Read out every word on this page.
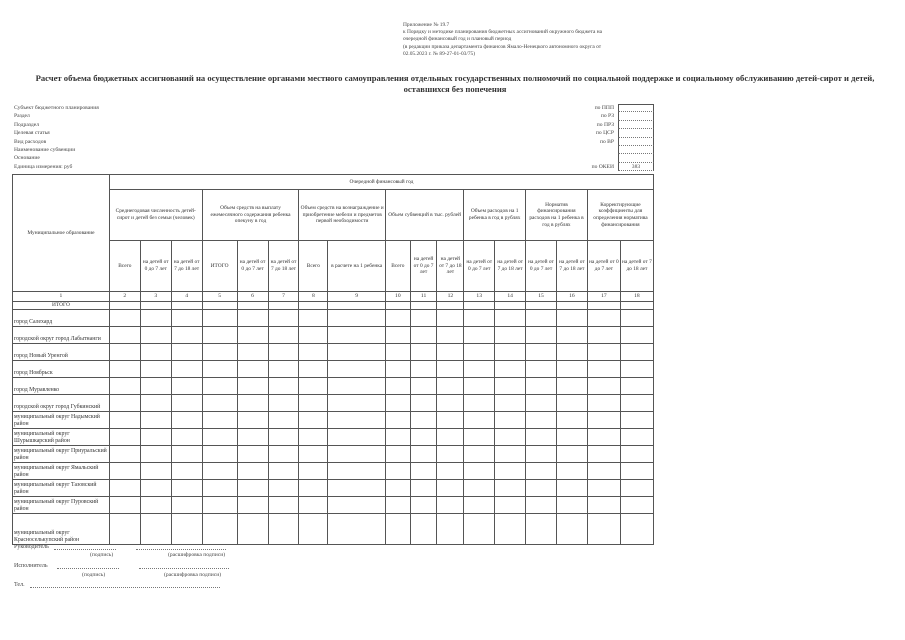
Приложение № 19.7
к Порядку и методике планирования бюджетных ассигнований окружного бюджета на
очередной финансовый год и плановый период
(в редакции приказа департамента финансов Ямало-Ненецкого автономного округа от
02.05.2023 г. № 89-27-01-03/75)
Расчет объема бюджетных ассигнований на осуществление органами местного самоуправления отдельных государственных полномочий по социальной поддержке и социальному обслуживанию детей-сирот и детей, оставшихся без попечения
Субъект бюджетного планирования	по ППП
Раздел	по РЗ
Подраздел	по ПРЗ
Целевая статья	по ЦСР
Вид расходов	по ВР
Наименование субвенции
Основание
Единица измерения: руб	по ОКЕИ	383
Муниципальное образование	Очередной финансовый год																
	Среднегодовая численность детей-сирот и детей без семьи (человек)			Объем средств на выплату ежемесячного содержания ребенка опекуну в год			Объем средств на вознаграждение и приобретение мебели и предметов первой необходимости		Объем субвенций в тыс. рублей			Объем расходов на 1 ребенка в год в рублях		Норматив финансирования расходов на 1 ребенка в год в рублях		Корректирующие коэффициенты для определения норматива финансирования	
	Всего	на детей от 0 до 7 лет	на детей от 7 до 18 лет	ИТОГО	на детей от 0 до 7 лет	на детей от 7 до 18 лет	Всего	в расчете на 1 ребенка	Всего	на детей от 0 до 7 лет	на детей от 7 до 18 лет	на детей от 0 до 7 лет	на детей от 7 до 18 лет	на детей от 0 до 7 лет	на детей от 7 до 18 лет	на детей от 0 до 7 лет	на детей от 7 до 18 лет
1	2	3	4	5	6	7	8	9	10	11	12	13	14	15	16	17	18
ИТОГО																	
город Салехард																	
городской округ город Лабытнанги																	
город Новый Уренгой																	
город Ноябрьск																	
город Муравленко																	
городской округ город Губкинский																	
муниципальный округ Надымский район																	
муниципальный округ Шурышкарский район																	
муниципальный округ Приуральский район																	
муниципальный округ Ямальский район																	
муниципальный округ Тазовский район																	
муниципальный округ Пуровский район																	
муниципальный округ Красноселькупский район																	
Руководитель
(подпись)	(расшифровка подписи)
Исполнитель
(подпись)	(расшифровка подписи)
Тел.
